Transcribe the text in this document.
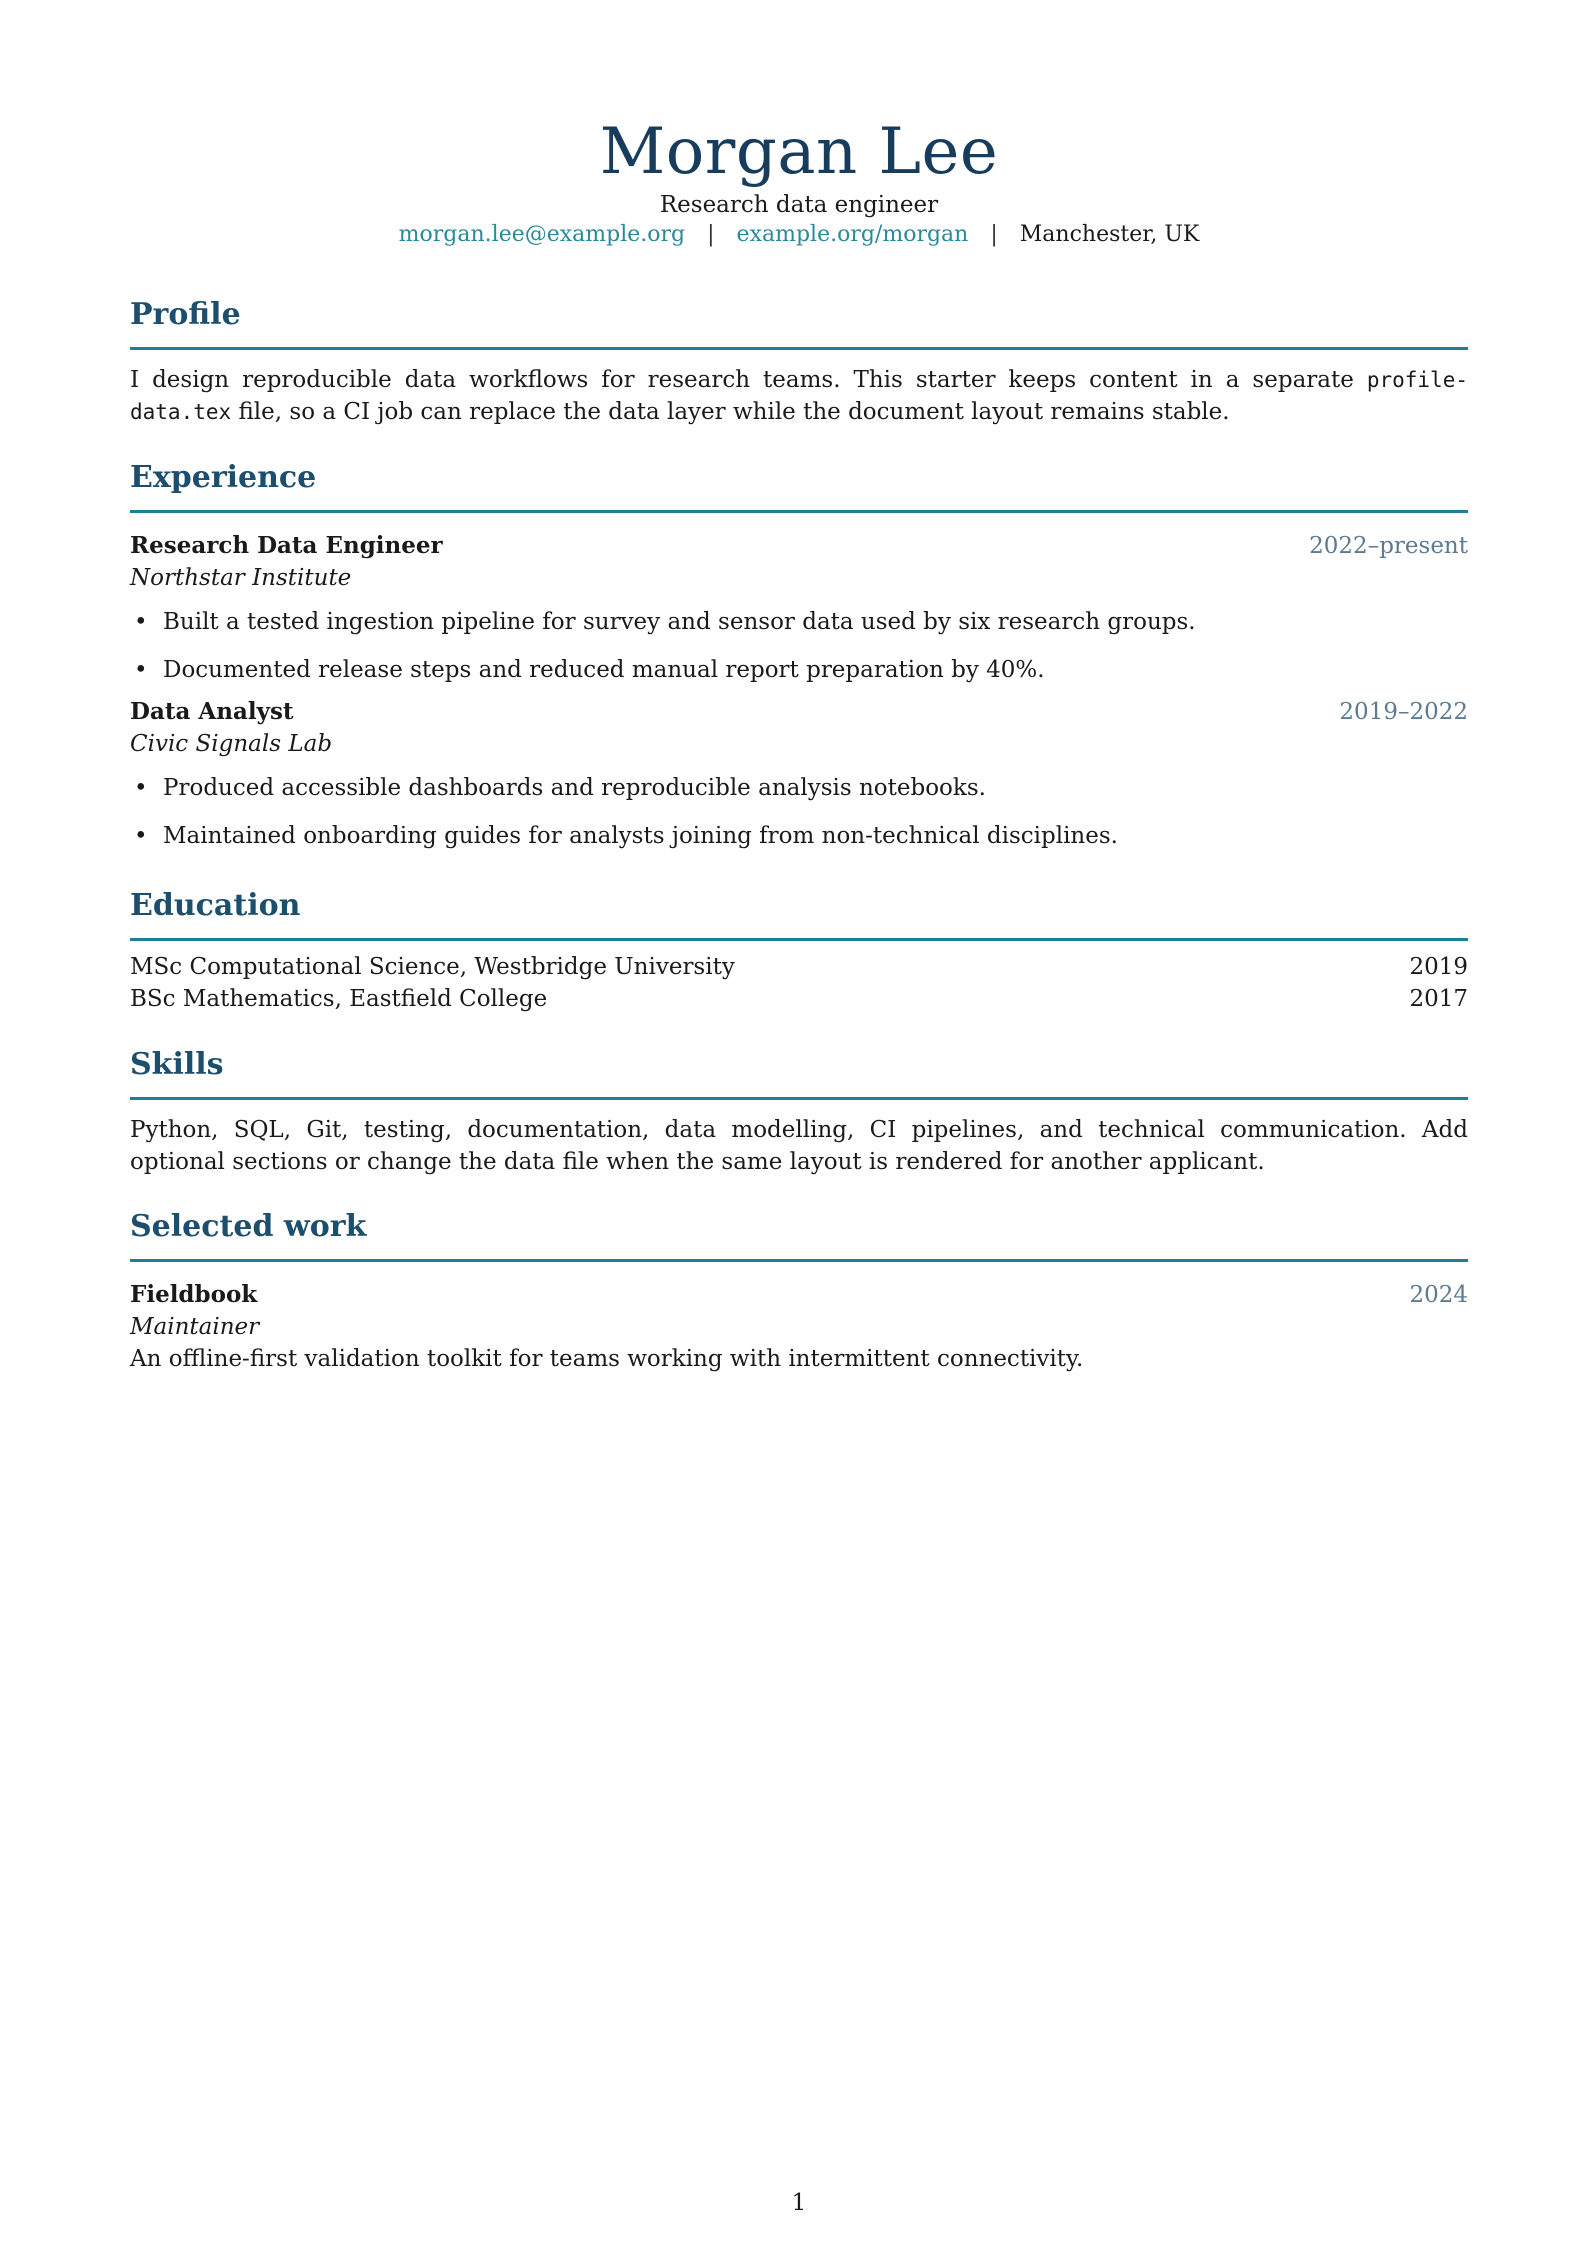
Morgan Lee
Research data engineer
morgan.lee@example.org | example.org/morgan | Manchester, UK
Profile
I design reproducible data workflows for research teams. This starter keeps content in a separate profile-data.tex file, so a CI job can replace the data layer while the document layout remains stable.
Experience
Research Data Engineer	2022–present
Northstar Institute
• Built a tested ingestion pipeline for survey and sensor data used by six research groups.
• Documented release steps and reduced manual report preparation by 40%.
Data Analyst	2019–2022
Civic Signals Lab
• Produced accessible dashboards and reproducible analysis notebooks.
• Maintained onboarding guides for analysts joining from non-technical disciplines.
Education
MSc Computational Science, Westbridge University	2019
BSc Mathematics, Eastfield College	2017
Skills
Python, SQL, Git, testing, documentation, data modelling, CI pipelines, and technical communication. Add optional sections or change the data file when the same layout is rendered for another applicant.
Selected work
Fieldbook	2024
Maintainer
An offline-first validation toolkit for teams working with intermittent connectivity.
1
